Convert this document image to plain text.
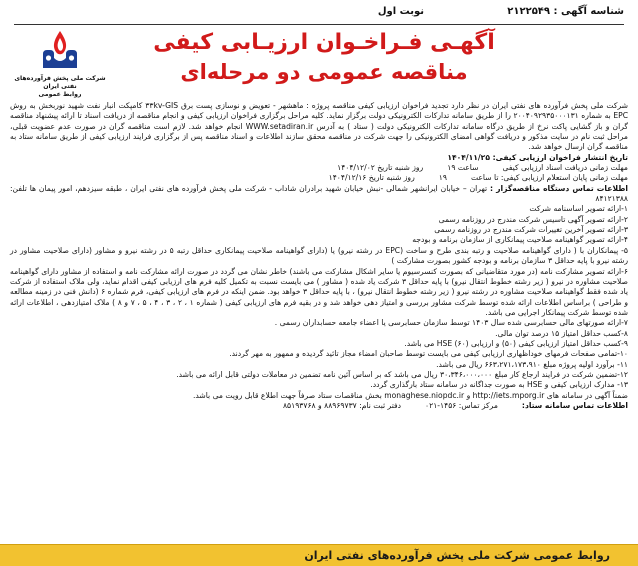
شناسه آگهی : ۲۱۲۲۵۴۹
نوبت اول
شرکت ملی پخش فرآورده‌های نفتی ایران
روابط عمومی
آگهـی فـراخـوان ارزیـابی کیفی
مناقصه عمومی دو مرحله‌ای

شرکت ملی پخش فرآورده های نفتی ایران در نظر دارد تجدید فراخوان ارزیابی کیفی مناقصه پروژه : ماهشهر - تعویض و نوسازی پست برق ۳۳kv-GIS کامپکت انبار نفت شهید نوربخش به روش EPC به شماره ۲۰۰۴۰۹۲۹۳۵۰۰۰۱۳۱ را از طریق سامانه تدارکات الکترونیکی دولت برگزار نماید. کلیه مراحل برگزاری فراخوان ارزیابی کیفی و انجام مناقصه از دریافت اسناد تا ارائه پیشنهاد مناقصه گران و باز گشایی پاکت نرخ از طریق درگاه سامانه تدارکات الکترونیکی دولت ( ستاد ) به آدرس WWW.setadiran.ir انجام خواهد شد. لازم است مناقصه گران در صورت عدم عضویت قبلی، مراحل ثبت نام در سایت مذکور و دریافت گواهی امضای الکترونیکی را جهت شرکت در مناقصه محقق سازند اطلاعات و اسناد مناقصه پس از برگزاری فرایند ارزیابی کیفی از طریق سامانه ستاد به مناقصه گران ارسال خواهد شد.

تاریخ انتشار فراخوان ارزیابی کیفی: ۱۴۰۴/۱۱/۲۵

مهلت زمانی دریافت اسناد ارزیابی کیفی
ساعت ۱۹
روز شنبه تاریخ ۱۴۰۴/۱۲/۰۲
مهلت زمانی پایان استعلام ارزیابی کیفی: تا ساعت
۱۹
روز شنبه تاریخ ۱۴۰۴/۱۲/۱۶

اطلاعات تماس دستگاه مناقصه‌گزار : تهران – خیابان ایرانشهر شمالی -نبش خیابان شهید برادران شاداب - شرکت ملی پخش فرآورده های نفتی ایران ، طبقه سیزدهم، امور پیمان ها تلفن: ۸۴۱۲۱۳۸۸

۱-ارائه تصویر اساسنامه شرکت

۲-ارائه تصویر آگهی تاسیس شرکت مندرج در روزنامه رسمی

۳-ارائه تصویر آخرین تغییرات شرکت مندرج در روزنامه رسمی

۴-ارائه تصویر گواهینامه صلاحیت پیمانکاری از سازمان برنامه و بودجه

۵- پیمانکاران با ( دارای گواهینامه صلاحیت و رتبه بندی طرح و ساخت (EPC در رشته نیرو) یا (دارای گواهینامه صلاحیت پیمانکاری حداقل رتبه ۵ در رشته نیرو و مشاور (دارای صلاحیت مشاور در رشته نیرو با پایه حداقل ۳ سازمان برنامه و بودجه کشور بصورت مشارکت )

۶-ارائه تصویر مشارکت نامه (در مورد متقاضیانی که بصورت کنسرسیوم یا سایر اشکال مشارکت می باشند) خاطر نشان می گردد در صورت ارائه مشارکت نامه و استفاده از مشاور دارای گواهینامه صلاحیت مشاوره در نیرو ( زیر رشته خطوط انتقال نیرو) با پایه حداقل ۳ شرکت یاد شده ( مشاور ) می بایست نسبت به تکمیل کلیه فرم های ارزیابی کیفی اقدام نماید، ولی ملاک استفاده از شرکت یاد شده فقط گواهینامه صلاحیت مشاوره در رشته نیرو ( زیر رشته خطوط انتقال نیرو) ، با پایه حداقل ۳ خواهد بود. ضمن اینکه در فرم های ارزیابی کیفی، فرم شماره ۶ (دانش فنی در زمینه مطالعه و طراحی ) براساس اطلاعات ارائه شده توسط شرکت مشاور بررسی و امتیاز دهی خواهد شد و در بقیه فرم های ارزیابی کیفی ( شماره ۱ ، ۲ ، ۳ ، ۴ ، ۵ ، ۷ و ۸ ) ملاک امتیازدهی ، اطلاعات ارائه شده توسط شرکت پیمانکار اجرایی می باشد.

۷-ارائه صورتهای مالی حسابرسی شده سال ۱۴۰۳ توسط سازمان حسابرسی یا اعضاء جامعه حسابداران رسمی .

۸-کسب حداقل امتیاز ۱۵ درصد توان مالی.

۹-کسب حداقل امتیاز ارزیابی کیفی (۵۰) و ارزیابی HSE (۶۰) می باشد.

۱۰-تمامی صفحات فرمهای خوداظهاری ارزیابی کیفی می بایست توسط صاحبان امضاء مجاز تائید گردیده و ممهور به مهر گردند.

۱۱- برآورد اولیه پروژه مبلغ ۶۶۳،۲۷۱،۱۷۳،۹۱۰ ریال می باشد.

۱۲-تضمین شرکت در فرایند ارجاع کار مبلغ ۳۰،۳۴۶،۰۰۰،۰۰۰ ریال می باشد که بر اساس آئین نامه تضمین در معاملات دولتی قابل ارائه می باشد.

۱۳- مدارک ارزیابی کیفی و HSE به صورت جداگانه در سامانه ستاد بارگذاری گردد.

ضمناً آگهی در سامانه های http://iets.mporg.ir و monaghese.niopdc.ir بخش مناقصات ستاد صرفاً جهت اطلاع قابل رویت می باشد.

اطلاعات تماس سامانه ستاد:
مرکز تماس: ۱۴۵۶-۰۲۱
دفتر ثبت نام: ۸۸۹۶۹۷۳۷ و ۸۵۱۹۳۷۶۸
روابط عمومی شرکت ملی پخش فرآورده‌های نفتی ایران
